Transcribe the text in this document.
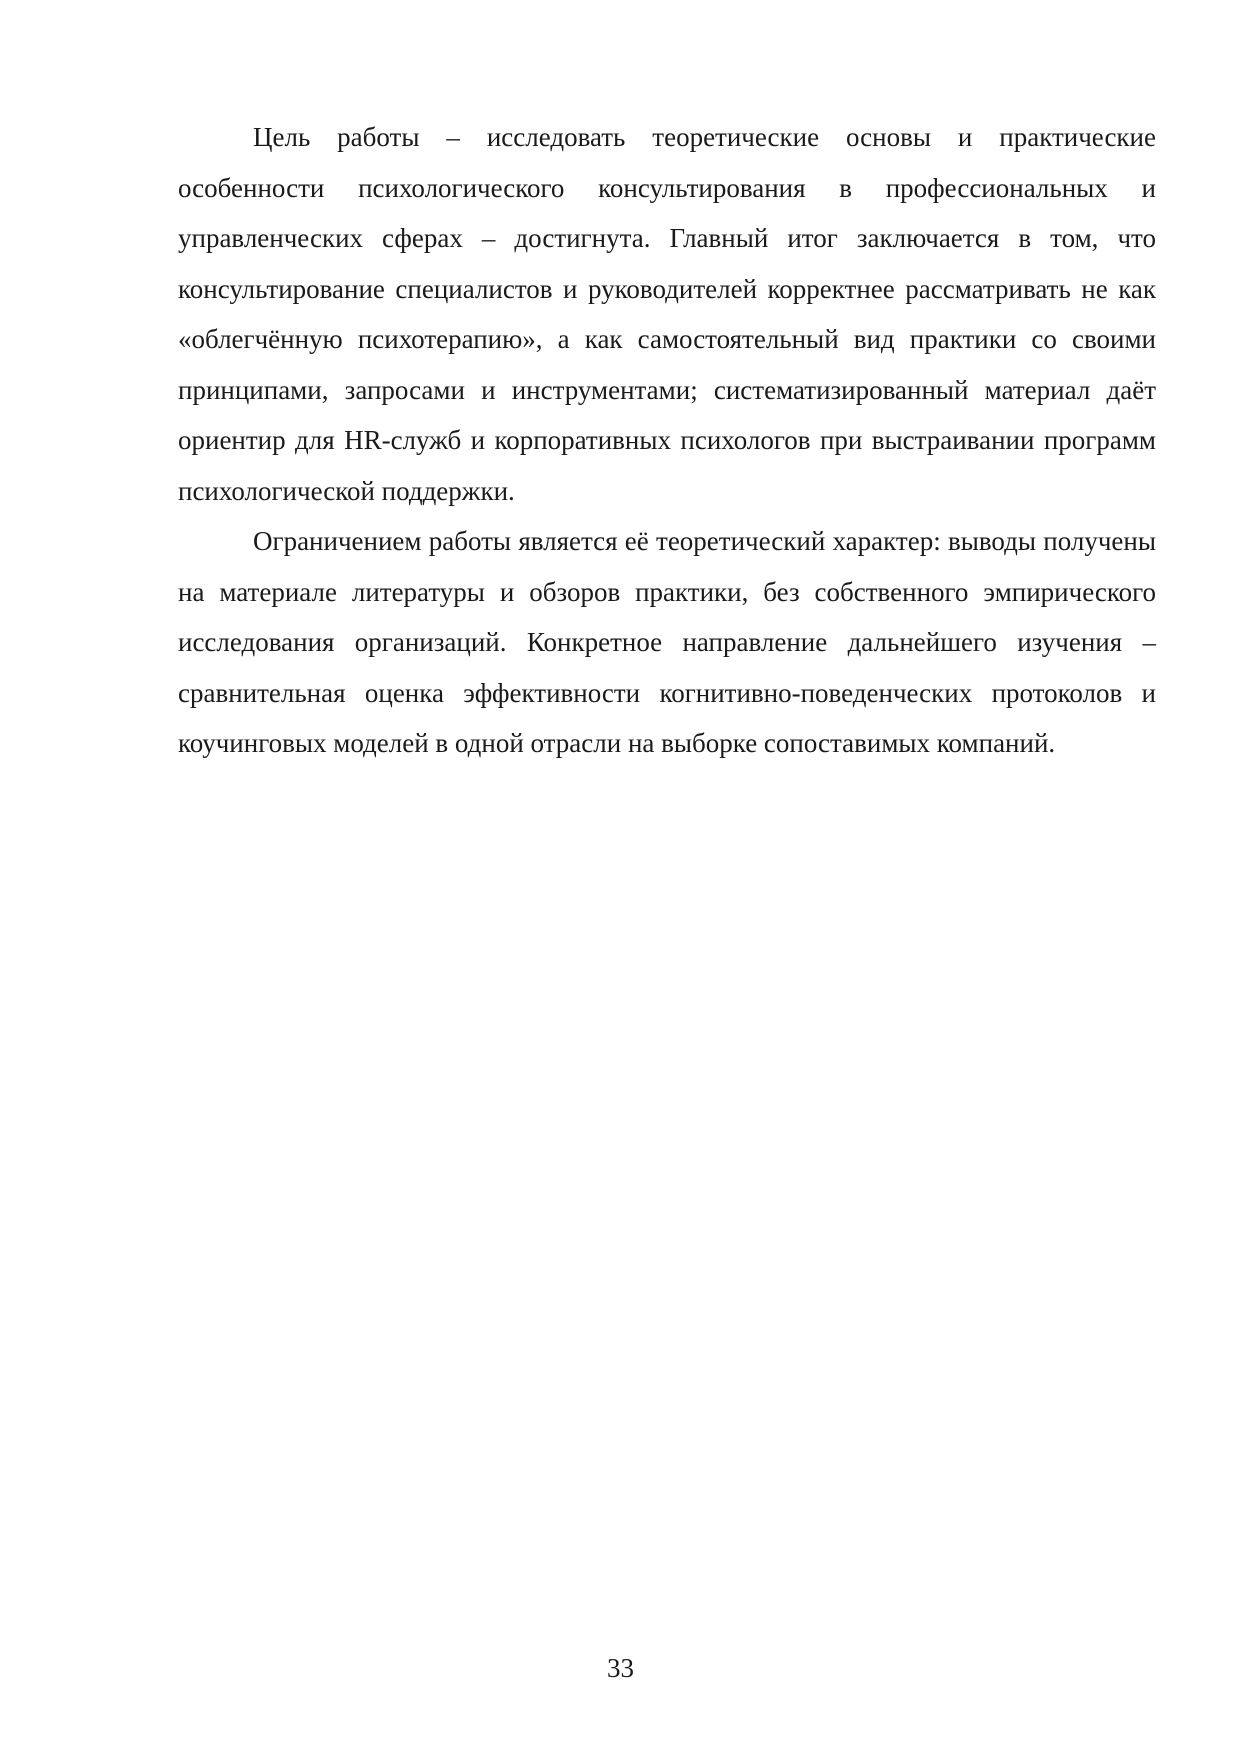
Цель работы – исследовать теоретические основы и практические особенности психологического консультирования в профессиональных и управленческих сферах – достигнута. Главный итог заключается в том, что консультирование специалистов и руководителей корректнее рассматривать не как «облегчённую психотерапию», а как самостоятельный вид практики со своими принципами, запросами и инструментами; систематизированный материал даёт ориентир для HR-служб и корпоративных психологов при выстраивании программ психологической поддержки.

Ограничением работы является её теоретический характер: выводы получены на материале литературы и обзоров практики, без собственного эмпирического исследования организаций. Конкретное направление дальнейшего изучения – сравнительная оценка эффективности когнитивно-поведенческих протоколов и коучинговых моделей в одной отрасли на выборке сопоставимых компаний.

33
